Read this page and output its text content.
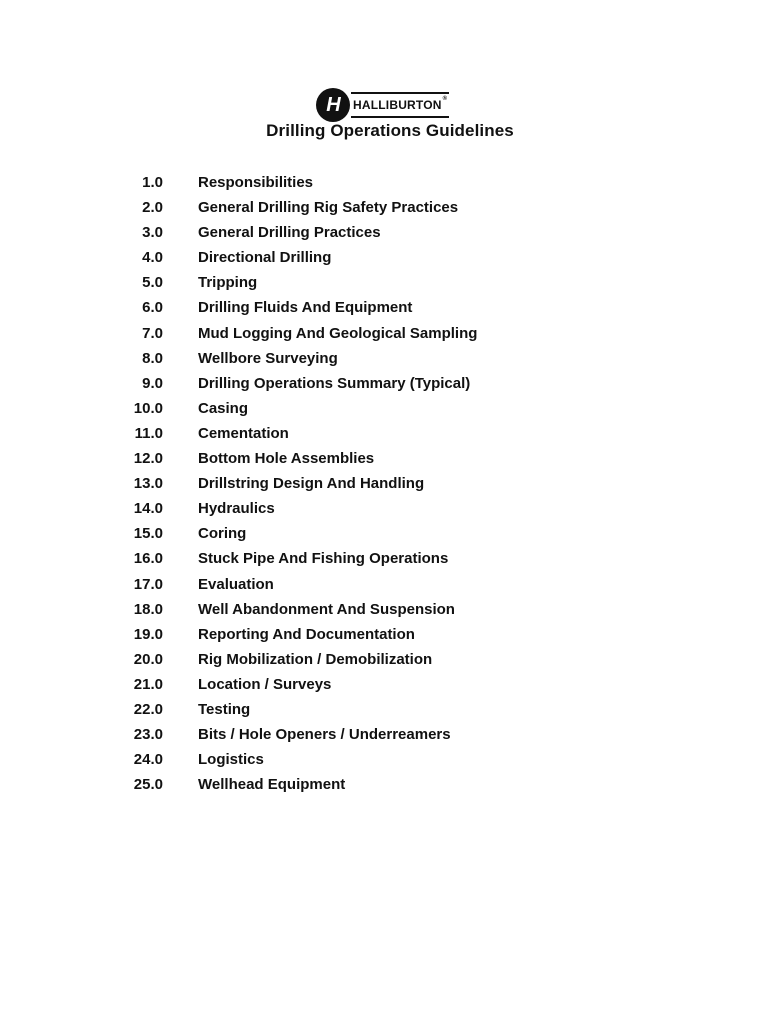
H	HALLIBURTON®
Drilling Operations Guidelines
1.0 Responsibilities
2.0 General Drilling Rig Safety Practices
3.0 General Drilling Practices
4.0 Directional Drilling
5.0 Tripping
6.0 Drilling Fluids And Equipment
7.0 Mud Logging And Geological Sampling
8.0 Wellbore Surveying
9.0 Drilling Operations Summary (Typical)
10.0 Casing
11.0 Cementation
12.0 Bottom Hole Assemblies
13.0 Drillstring Design And Handling
14.0 Hydraulics
15.0 Coring
16.0 Stuck Pipe And Fishing Operations
17.0 Evaluation
18.0 Well Abandonment And Suspension
19.0 Reporting And Documentation
20.0 Rig Mobilization / Demobilization
21.0 Location / Surveys
22.0 Testing
23.0 Bits / Hole Openers / Underreamers
24.0 Logistics
25.0 Wellhead Equipment
